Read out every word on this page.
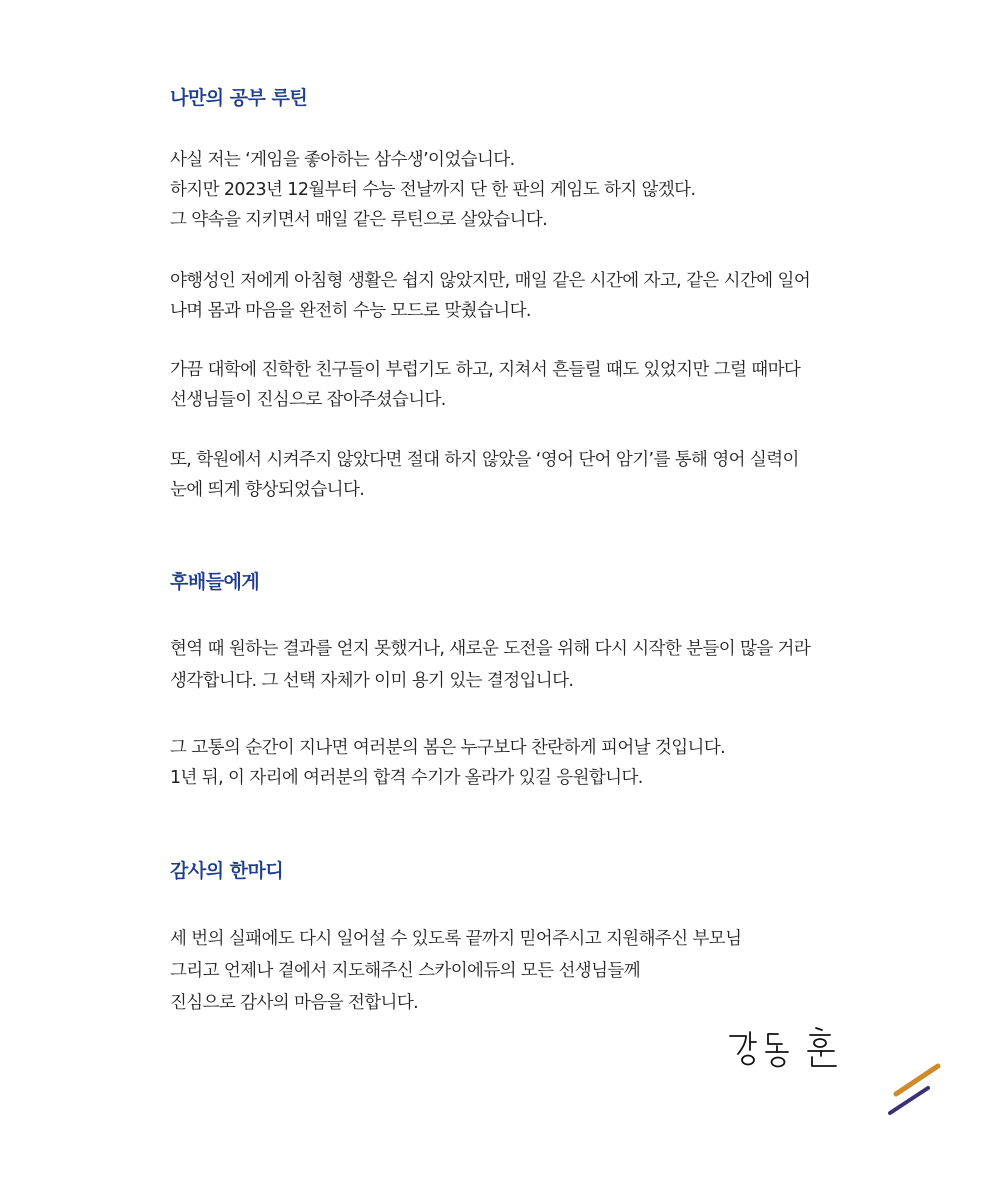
나만의 공부 루틴
사실 저는 ‘게임을 좋아하는 삼수생’이었습니다.
하지만 2023년 12월부터 수능 전날까지 단 한 판의 게임도 하지 않겠다.
그 약속을 지키면서 매일 같은 루틴으로 살았습니다.
야행성인 저에게 아침형 생활은 쉽지 않았지만, 매일 같은 시간에 자고, 같은 시간에 일어
나며 몸과 마음을 완전히 수능 모드로 맞췄습니다.
가끔 대학에 진학한 친구들이 부럽기도 하고, 지쳐서 흔들릴 때도 있었지만 그럴 때마다
선생님들이 진심으로 잡아주셨습니다.
또, 학원에서 시켜주지 않았다면 절대 하지 않았을 ‘영어 단어 암기’를 통해 영어 실력이
눈에 띄게 향상되었습니다.
후배들에게
현역 때 원하는 결과를 얻지 못했거나, 새로운 도전을 위해 다시 시작한 분들이 많을 거라
생각합니다. 그 선택 자체가 이미 용기 있는 결정입니다.
그 고통의 순간이 지나면 여러분의 봄은 누구보다 찬란하게 피어날 것입니다.
1년 뒤, 이 자리에 여러분의 합격 수기가 올라가 있길 응원합니다.
감사의 한마디
세 번의 실패에도 다시 일어설 수 있도록 끝까지 믿어주시고 지원해주신 부모님
그리고 언제나 곁에서 지도해주신 스카이에듀의 모든 선생님들께
진심으로 감사의 마음을 전합니다.
